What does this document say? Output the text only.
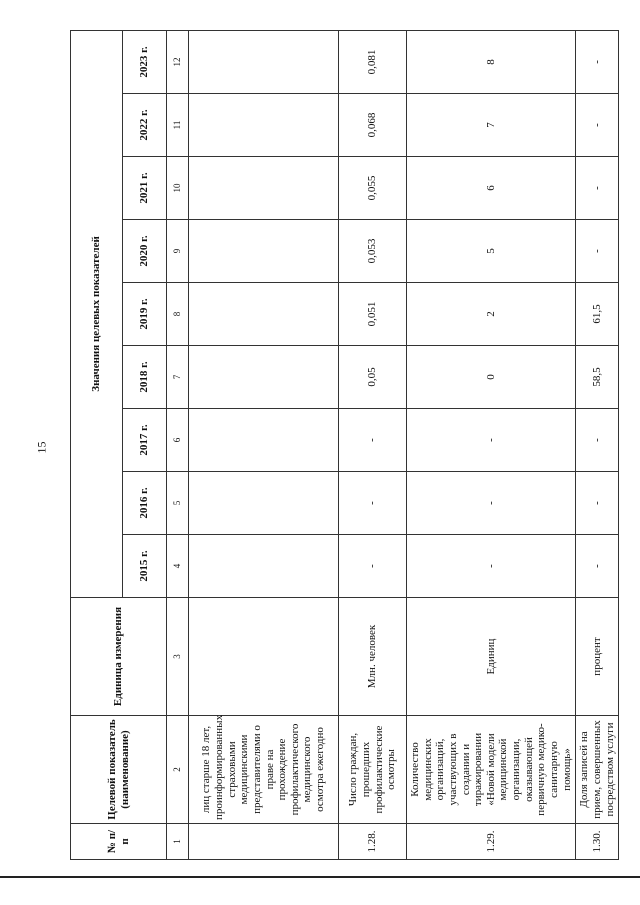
15
№ п/п	Целевой показатель (наименование)	Единица измерения	Значения целевых показателей								
			2015 г.	2016 г.	2017 г.	2018 г.	2019 г.	2020 г.	2021 г.	2022 г.	2023 г.
1	2	3	4	5	6	7	8	9	10	11	12
	лиц старше 18 лет, проинформированных страховыми медицинскими представителями о праве на прохождение профилактического медицинского осмотра ежегодно										
1.28.	Число граждан, прошедших профилактические осмотры	Млн. человек	-	-	-	0,05	0,051	0,053	0,055	0,068	0,081
1.29.	Количество медицинских организаций, участвующих в создании и тиражировании «Новой модели медицинской организации, оказывающей первичную медико-санитарную помощь»	Единиц	-	-	-	0	2	5	6	7	8
1.30.	Доля записей на прием, совершенных посредством услуги	процент	-	-	-	58,5	61,5	-	-	-	-
